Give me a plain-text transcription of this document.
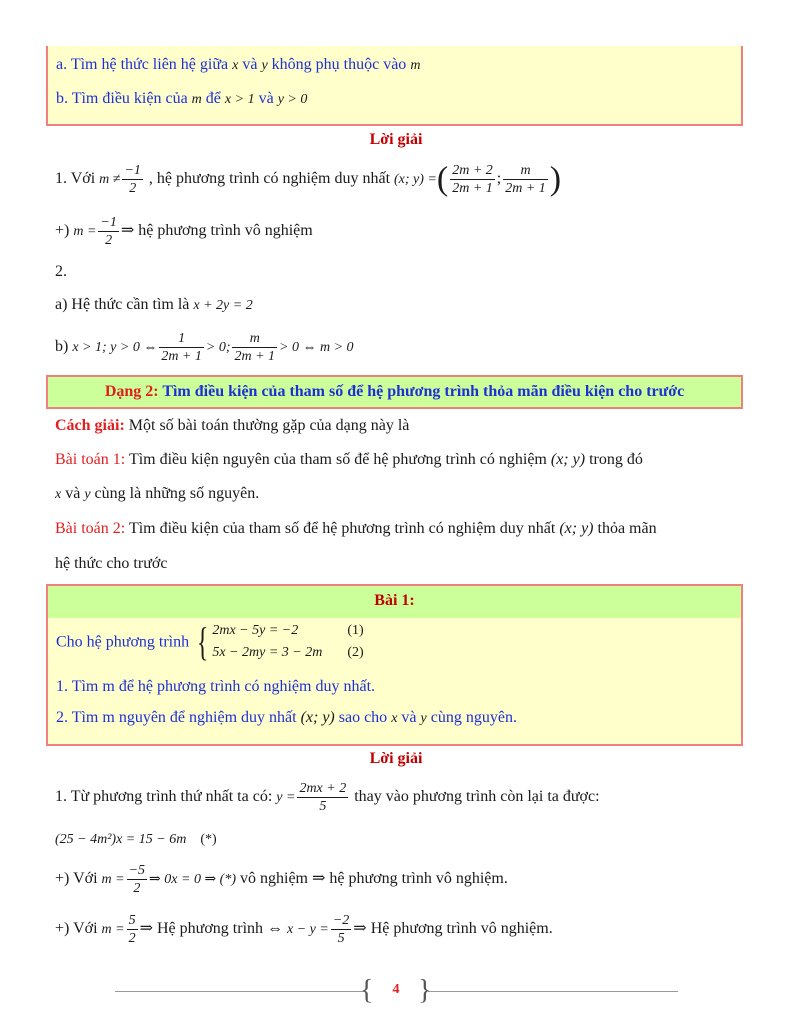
a. Tìm hệ thức liên hệ giữa x và y không phụ thuộc vào m
b. Tìm điều kiện của m để x > 1 và y > 0
Lời giải
1. Với $m \ne \frac{-1}{2}$ , hệ phương trình có nghiệm duy nhất (x; y) =( $\frac{2m + 2}{2m + 1}$ ; $\frac{m}{2m + 1}$ )
+) $m = \frac{-1}{2}$ ⇒ hệ phương trình vô nghiệm
2.
a) Hệ thức cần tìm là x + 2y = 2
b) x > 1; y > 0 ⇔ $\frac{1}{2m + 1} > 0$; $\frac{m}{2m + 1} > 0$ ⇔ m > 0
Dạng 2: Tìm điều kiện của tham số để hệ phương trình thỏa mãn điều kiện cho trước
Cách giải: Một số bài toán thường gặp của dạng này là
Bài toán 1: Tìm điều kiện nguyên của tham số để hệ phương trình có nghiệm (x; y) trong đó
x và y cùng là những số nguyên.
Bài toán 2: Tìm điều kiện của tham số để hệ phương trình có nghiệm duy nhất (x; y) thỏa mãn
hệ thức cho trước
Bài 1:
Cho hệ phương trình { 2mx − 5y = −2	(1)
5x − 2my = 3 − 2m (2)
1. Tìm m để hệ phương trình có nghiệm duy nhất.
2. Tìm m nguyên để nghiệm duy nhất (x; y) sao cho x và y cùng nguyên.
Lời giải
1. Từ phương trình thứ nhất ta có: $y = \frac{2mx + 2}{5}$ thay vào phương trình còn lại ta được:
(25 − 4m²)x = 15 − 6m (*)
+) Với $m = \frac{-5}{2}$ ⇒ 0x = 0 ⇒ (*) vô nghiệm ⇒ hệ phương trình vô nghiệm.
+) Với $m = \frac{5}{2}$ ⇒ Hệ phương trình ⇔ $x - y = \frac{-2}{5}$ ⇒ Hệ phương trình vô nghiệm.
{ }
4
